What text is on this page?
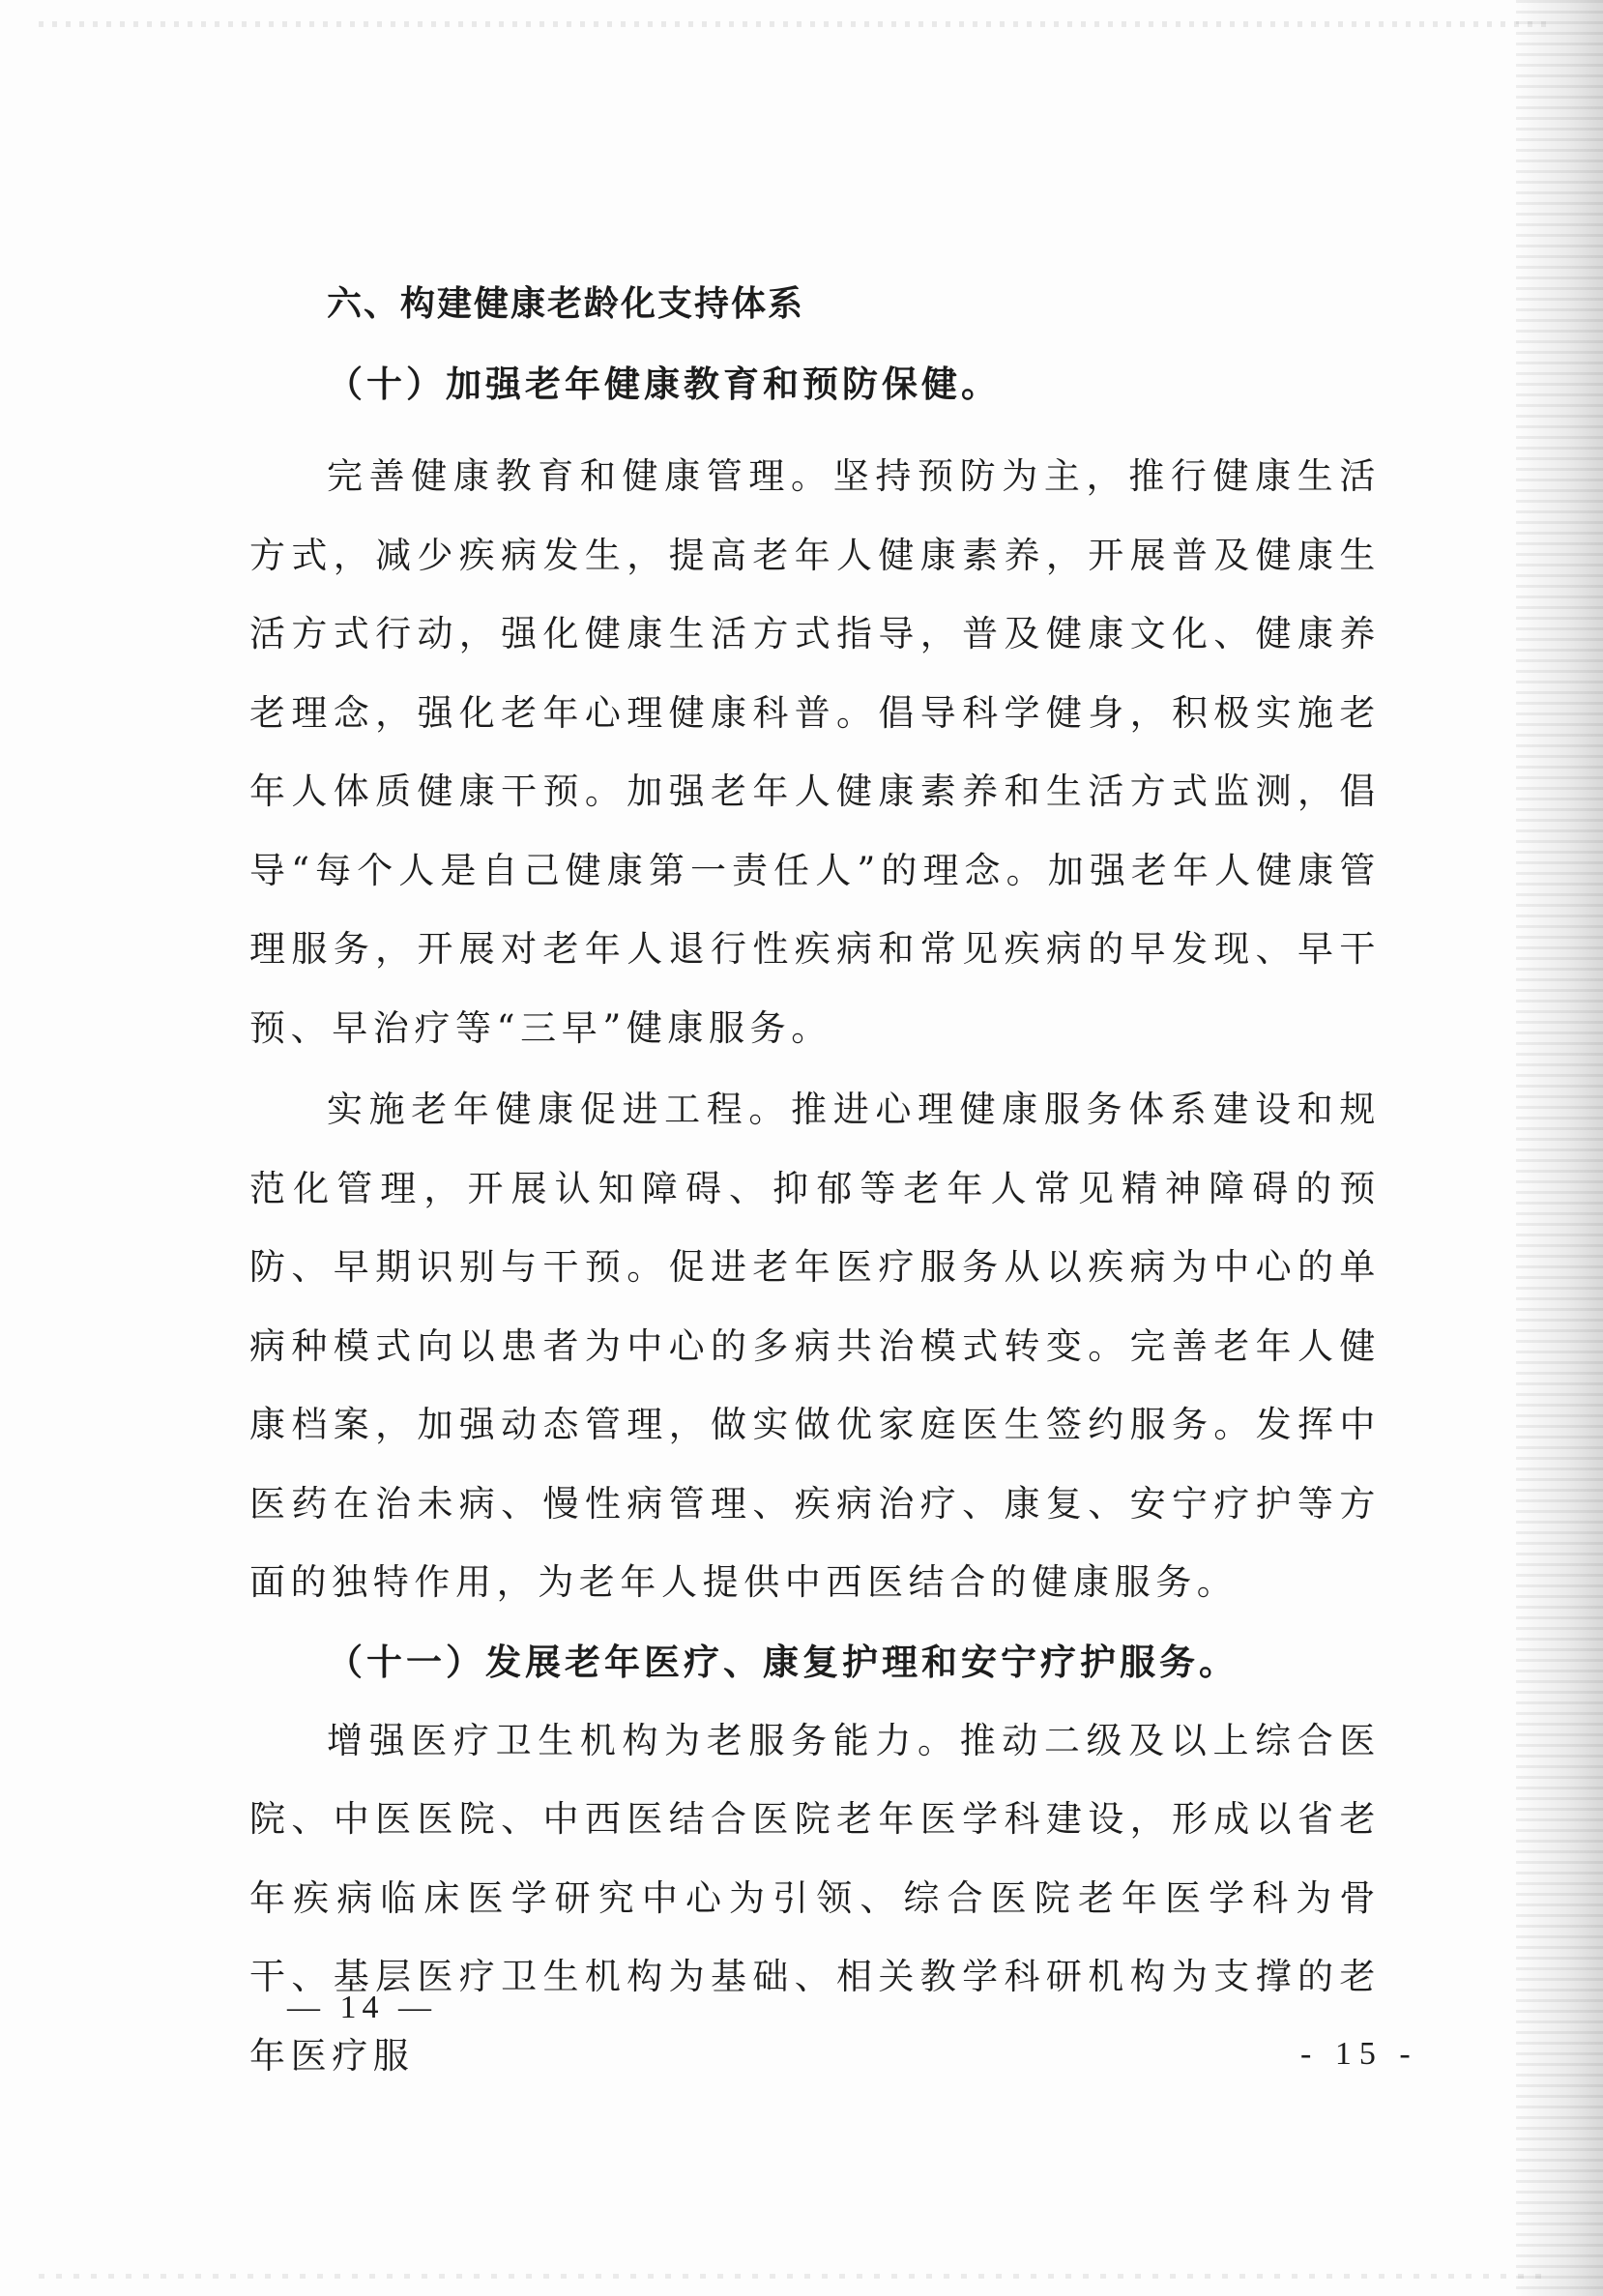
六、构建健康老龄化支持体系
（十）加强老年健康教育和预防保健。

完善健康教育和健康管理。坚持预防为主，推行健康生活方式，减少疾病发生，提高老年人健康素养，开展普及健康生活方式行动，强化健康生活方式指导，普及健康文化、健康养老理念，强化老年心理健康科普。倡导科学健身，积极实施老年人体质健康干预。加强老年人健康素养和生活方式监测，倡导“每个人是自己健康第一责任人”的理念。加强老年人健康管理服务，开展对老年人退行性疾病和常见疾病的早发现、早干预、早治疗等“三早”健康服务。

实施老年健康促进工程。推进心理健康服务体系建设和规范化管理，开展认知障碍、抑郁等老年人常见精神障碍的预防、早期识别与干预。促进老年医疗服务从以疾病为中心的单病种模式向以患者为中心的多病共治模式转变。完善老年人健康档案，加强动态管理，做实做优家庭医生签约服务。发挥中医药在治未病、慢性病管理、疾病治疗、康复、安宁疗护等方面的独特作用，为老年人提供中西医结合的健康服务。

（十一）发展老年医疗、康复护理和安宁疗护服务。

增强医疗卫生机构为老服务能力。推动二级及以上综合医院、中医医院、中西医结合医院老年医学科建设，形成以省老年疾病临床医学研究中心为引领、综合医院老年医学科为骨干、基层医疗卫生机构为基础、相关教学科研机构为支撑的老年医疗服

— 14 —
- 15 -
